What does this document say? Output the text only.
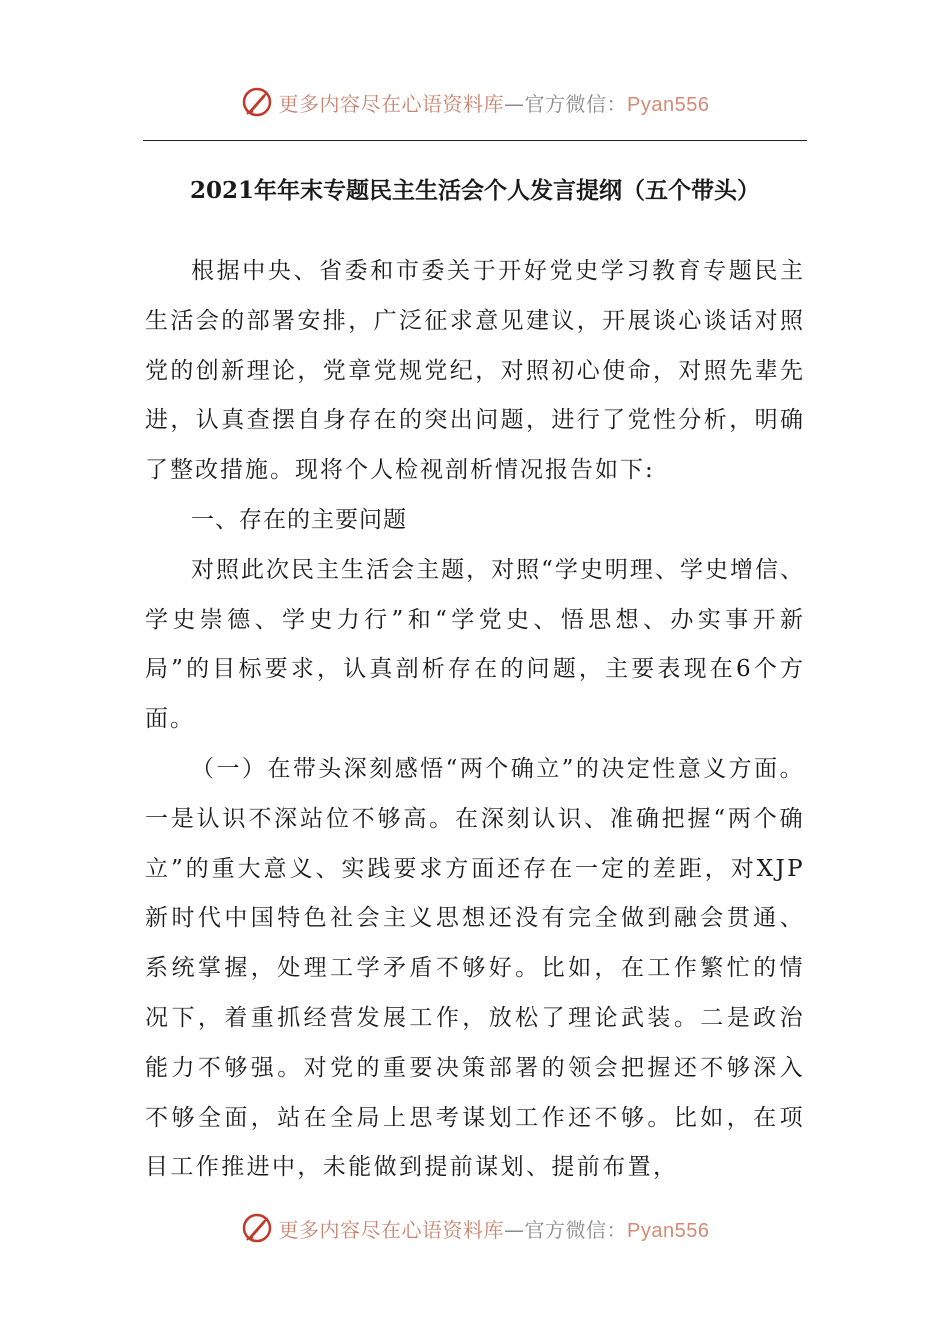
更多内容尽在心语资料库—官方微信：Pyan556
2021年年末专题民主生活会个人发言提纲（五个带头）

根据中央、省委和市委关于开好党史学习教育专题民主生活会的部署安排，广泛征求意见建议，开展谈心谈话对照党的创新理论，党章党规党纪，对照初心使命，对照先辈先进，认真查摆自身存在的突出问题，进行了党性分析，明确了整改措施。现将个人检视剖析情况报告如下:

一、存在的主要问题

对照此次民主生活会主题，对照“学史明理、学史增信、学史崇德、学史力行”和“学党史、悟思想、办实事开新局”的目标要求，认真剖析存在的问题，主要表现在6个方面。

（一）在带头深刻感悟“两个确立”的决定性意义方面。一是认识不深站位不够高。在深刻认识、准确把握“两个确立”的重大意义、实践要求方面还存在一定的差距，对XJP新时代中国特色社会主义思想还没有完全做到融会贯通、系统掌握，处理工学矛盾不够好。比如，在工作繁忙的情况下，着重抓经营发展工作，放松了理论武装。二是政治能力不够强。对党的重要决策部署的领会把握还不够深入不够全面，站在全局上思考谋划工作还不够。比如，在项目工作推进中，未能做到提前谋划、提前布置，

更多内容尽在心语资料库—官方微信：Pyan556
